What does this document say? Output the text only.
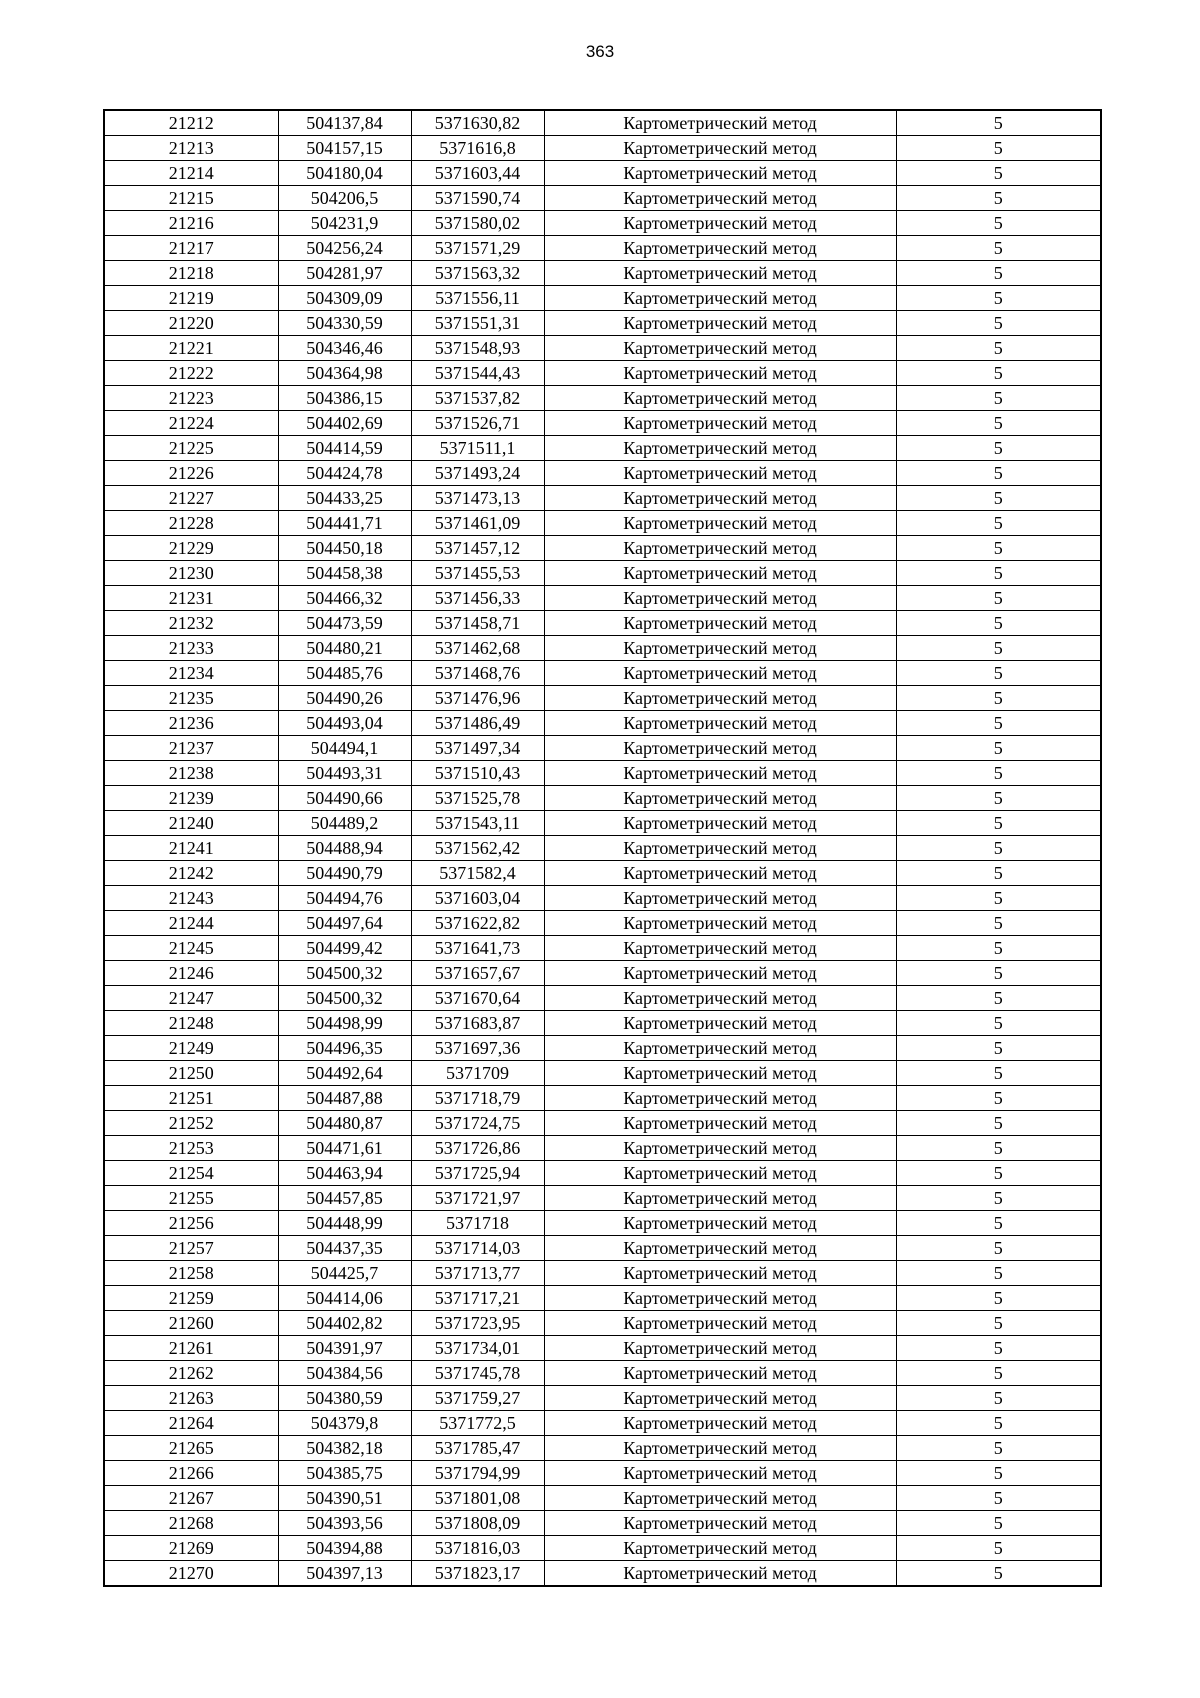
363
21212	504137,84	5371630,82	Картометрический метод	5
21213	504157,15	5371616,8	Картометрический метод	5
21214	504180,04	5371603,44	Картометрический метод	5
21215	504206,5	5371590,74	Картометрический метод	5
21216	504231,9	5371580,02	Картометрический метод	5
21217	504256,24	5371571,29	Картометрический метод	5
21218	504281,97	5371563,32	Картометрический метод	5
21219	504309,09	5371556,11	Картометрический метод	5
21220	504330,59	5371551,31	Картометрический метод	5
21221	504346,46	5371548,93	Картометрический метод	5
21222	504364,98	5371544,43	Картометрический метод	5
21223	504386,15	5371537,82	Картометрический метод	5
21224	504402,69	5371526,71	Картометрический метод	5
21225	504414,59	5371511,1	Картометрический метод	5
21226	504424,78	5371493,24	Картометрический метод	5
21227	504433,25	5371473,13	Картометрический метод	5
21228	504441,71	5371461,09	Картометрический метод	5
21229	504450,18	5371457,12	Картометрический метод	5
21230	504458,38	5371455,53	Картометрический метод	5
21231	504466,32	5371456,33	Картометрический метод	5
21232	504473,59	5371458,71	Картометрический метод	5
21233	504480,21	5371462,68	Картометрический метод	5
21234	504485,76	5371468,76	Картометрический метод	5
21235	504490,26	5371476,96	Картометрический метод	5
21236	504493,04	5371486,49	Картометрический метод	5
21237	504494,1	5371497,34	Картометрический метод	5
21238	504493,31	5371510,43	Картометрический метод	5
21239	504490,66	5371525,78	Картометрический метод	5
21240	504489,2	5371543,11	Картометрический метод	5
21241	504488,94	5371562,42	Картометрический метод	5
21242	504490,79	5371582,4	Картометрический метод	5
21243	504494,76	5371603,04	Картометрический метод	5
21244	504497,64	5371622,82	Картометрический метод	5
21245	504499,42	5371641,73	Картометрический метод	5
21246	504500,32	5371657,67	Картометрический метод	5
21247	504500,32	5371670,64	Картометрический метод	5
21248	504498,99	5371683,87	Картометрический метод	5
21249	504496,35	5371697,36	Картометрический метод	5
21250	504492,64	5371709	Картометрический метод	5
21251	504487,88	5371718,79	Картометрический метод	5
21252	504480,87	5371724,75	Картометрический метод	5
21253	504471,61	5371726,86	Картометрический метод	5
21254	504463,94	5371725,94	Картометрический метод	5
21255	504457,85	5371721,97	Картометрический метод	5
21256	504448,99	5371718	Картометрический метод	5
21257	504437,35	5371714,03	Картометрический метод	5
21258	504425,7	5371713,77	Картометрический метод	5
21259	504414,06	5371717,21	Картометрический метод	5
21260	504402,82	5371723,95	Картометрический метод	5
21261	504391,97	5371734,01	Картометрический метод	5
21262	504384,56	5371745,78	Картометрический метод	5
21263	504380,59	5371759,27	Картометрический метод	5
21264	504379,8	5371772,5	Картометрический метод	5
21265	504382,18	5371785,47	Картометрический метод	5
21266	504385,75	5371794,99	Картометрический метод	5
21267	504390,51	5371801,08	Картометрический метод	5
21268	504393,56	5371808,09	Картометрический метод	5
21269	504394,88	5371816,03	Картометрический метод	5
21270	504397,13	5371823,17	Картометрический метод	5
